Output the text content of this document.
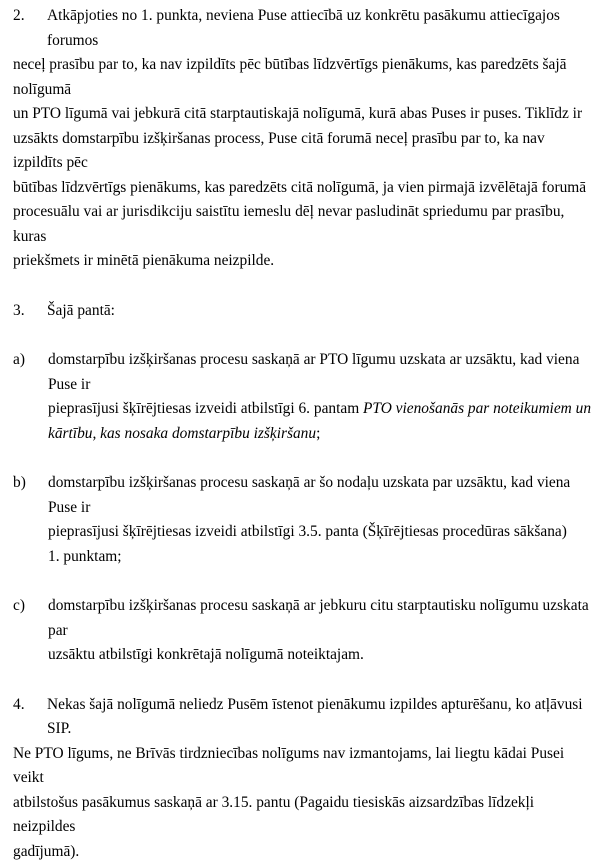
2.	Atkāpjoties no 1. punkta, neviena Puse attiecībā uz konkrētu pasākumu attiecīgajos forumos
neceļ prasību par to, ka nav izpildīts pēc būtības līdzvērtīgs pienākums, kas paredzēts šajā nolīgumā
un PTO līgumā vai jebkurā citā starptautiskajā nolīgumā, kurā abas Puses ir puses. Tiklīdz ir
uzsākts domstarpību izšķiršanas process, Puse citā forumā neceļ prasību par to, ka nav izpildīts pēc
būtības līdzvērtīgs pienākums, kas paredzēts citā nolīgumā, ja vien pirmajā izvēlētajā forumā
procesuālu vai ar jurisdikciju saistītu iemeslu dēļ nevar pasludināt spriedumu par prasību, kuras
priekšmets ir minētā pienākuma neizpilde.
3.	Šajā pantā:
a) domstarpību izšķiršanas procesu saskaņā ar PTO līgumu uzskata ar uzsāktu, kad viena Puse ir
pieprasījusi šķīrējtiesas izveidi atbilstīgi 6. pantam PTO vienošanās par noteikumiem un
kārtību, kas nosaka domstarpību izšķiršanu;
b) domstarpību izšķiršanas procesu saskaņā ar šo nodaļu uzskata par uzsāktu, kad viena Puse ir
pieprasījusi šķīrējtiesas izveidi atbilstīgi 3.5. panta (Šķīrējtiesas procedūras sākšana)
1. punktam;
c) domstarpību izšķiršanas procesu saskaņā ar jebkuru citu starptautisku nolīgumu uzskata par
uzsāktu atbilstīgi konkrētajā nolīgumā noteiktajam.
4.	Nekas šajā nolīgumā neliedz Pusēm īstenot pienākumu izpildes apturēšanu, ko atļāvusi SIP.
Ne PTO līgums, ne Brīvās tirdzniecības nolīgums nav izmantojams, lai liegtu kādai Pusei veikt
atbilstošus pasākumus saskaņā ar 3.15. pantu (Pagaidu tiesiskās aizsardzības līdzekļi neizpildes
gadījumā).
